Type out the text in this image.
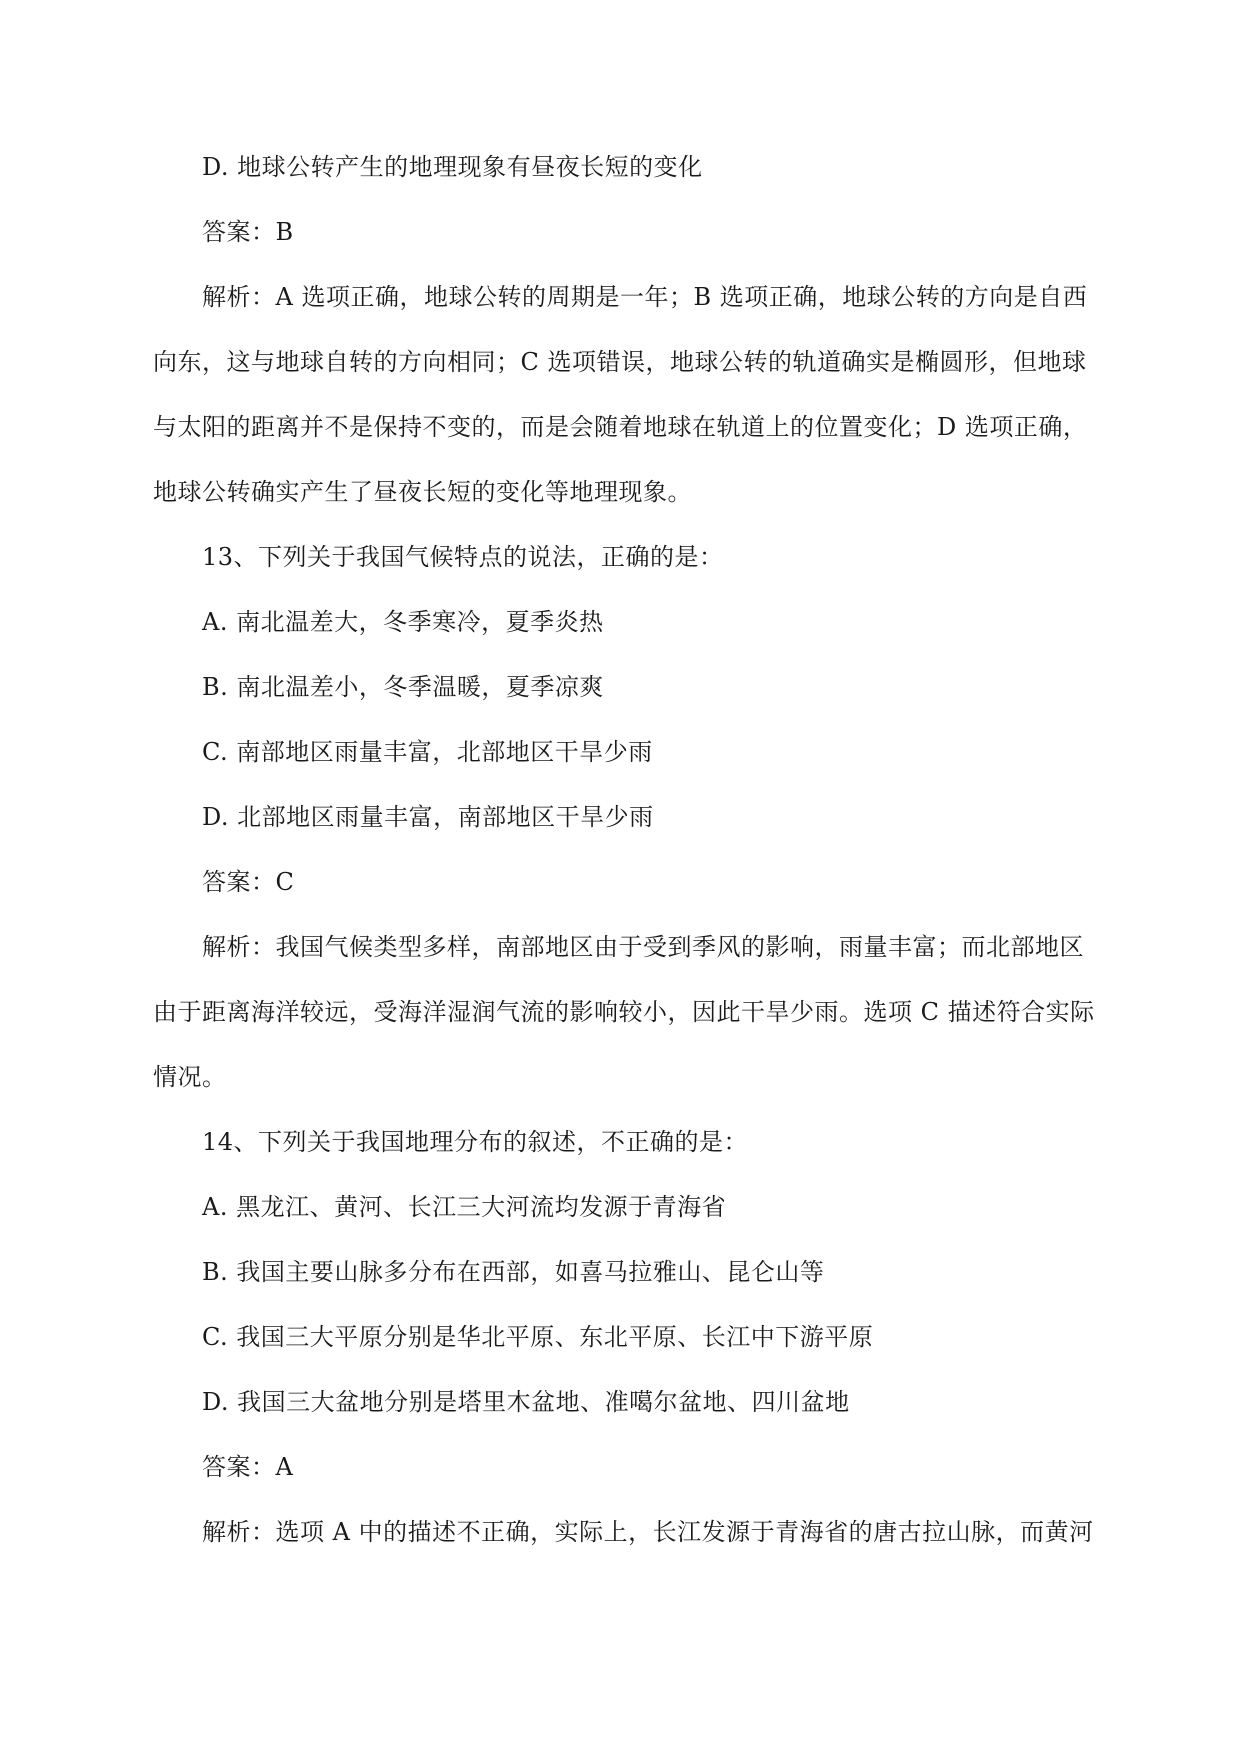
D. 地球公转产生的地理现象有昼夜长短的变化
答案：B
解析：A 选项正确，地球公转的周期是一年；B 选项正确，地球公转的方向是自西
向东，这与地球自转的方向相同；C 选项错误，地球公转的轨道确实是椭圆形，但地球
与太阳的距离并不是保持不变的，而是会随着地球在轨道上的位置变化；D 选项正确，
地球公转确实产生了昼夜长短的变化等地理现象。
13、下列关于我国气候特点的说法，正确的是：
A. 南北温差大，冬季寒冷，夏季炎热
B. 南北温差小，冬季温暖，夏季凉爽
C. 南部地区雨量丰富，北部地区干旱少雨
D. 北部地区雨量丰富，南部地区干旱少雨
答案：C
解析：我国气候类型多样，南部地区由于受到季风的影响，雨量丰富；而北部地区
由于距离海洋较远，受海洋湿润气流的影响较小，因此干旱少雨。选项 C 描述符合实际
情况。
14、下列关于我国地理分布的叙述，不正确的是：
A. 黑龙江、黄河、长江三大河流均发源于青海省
B. 我国主要山脉多分布在西部，如喜马拉雅山、昆仑山等
C. 我国三大平原分别是华北平原、东北平原、长江中下游平原
D. 我国三大盆地分别是塔里木盆地、准噶尔盆地、四川盆地
答案：A
解析：选项 A 中的描述不正确，实际上，长江发源于青海省的唐古拉山脉，而黄河
